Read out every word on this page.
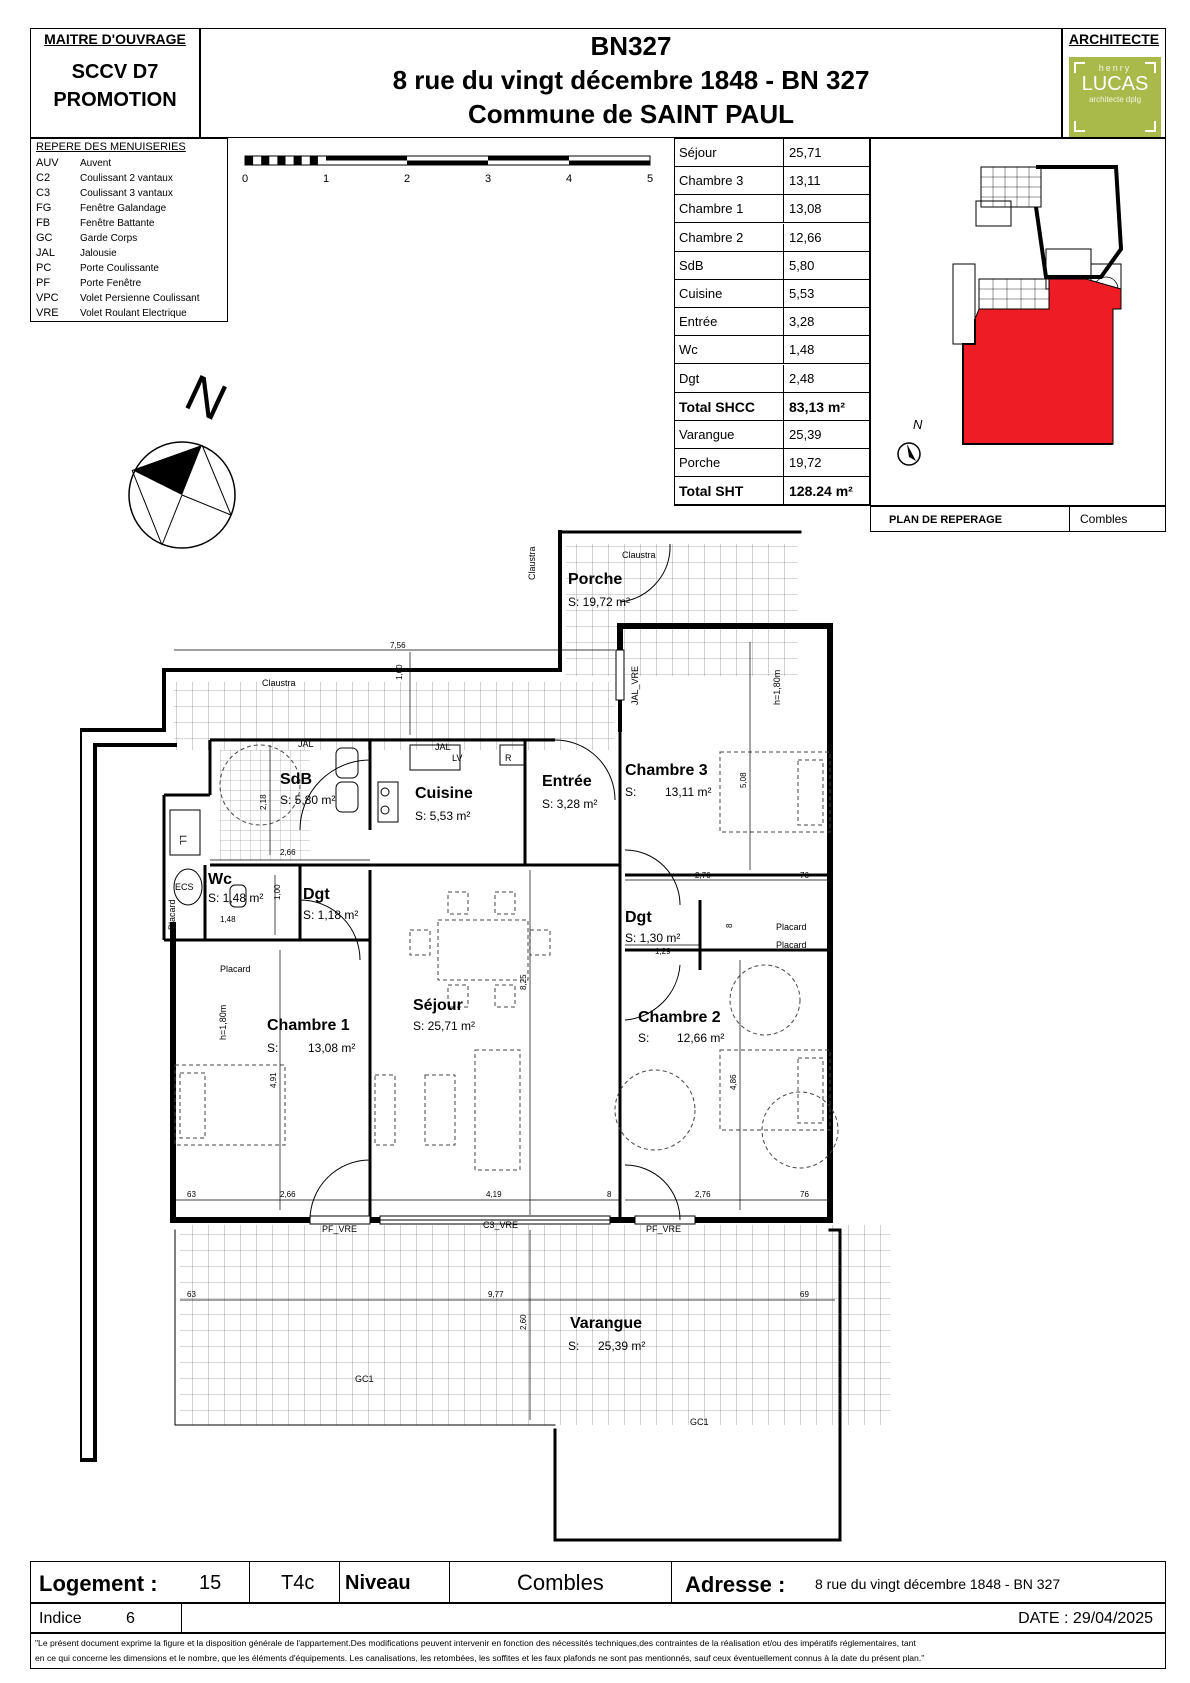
MAITRE D'OUVRAGE
SCCV D7
PROMOTION
BN327
8 rue du vingt décembre 1848 - BN 327
Commune de SAINT PAUL
ARCHITECTE
henry
LUCAS
architecte dplg
REPERE DES MENUISERIES
AUV Auvent
C2	Coulissant 2 vantaux
C3	Coulissant 3 vantaux
FG	Fenêtre Galandage
FB	Fenêtre Battante
GC	Garde Corps
JAL	Jalousie
PC	Porte Coulissante
PF	Porte Fenêtre
VPC Volet Persienne Coulissant
VRE Volet Roulant Electrique
0	1	2	3	4	5
N
Séjour	25,71
Chambre 3	13,11
Chambre 1	13,08
Chambre 2	12,66
SdB	5,80
Cuisine	5,53
Entrée	3,28
Wc	1,48
Dgt	2,48
Total SHCC 83,13 m²
Varangue	25,39
Porche	19,72
Total SHT	128.24 m²
N
PLAN DE REPERAGE	Combles
Porche
SdB
Cuisine
Entrée
Chambre 3
Wc
Dgt
Dgt
Séjour
Chambre 1	Chambre 2
Varangue
S: 19,72 m²
S: 5,80 m²
S: 5,53 m²
S: 3,28 m²
S: 13,11 m²
S: 1,48 m²
S: 1,18 m²
S: 1,30 m²
S: 25,71 m²
S: 13,08 m²
S: 12,66 m²
S: 25,39 m²
Claustra
Claustra
Claustra	JAL_VRE
JAL	JAL
LV	R
LL
ECS
Placard
Placard
Placard
Placard
h=1,80m
h=1,80m
PF_VRE	PF_VRE
C3_VRE
GC1
GC1
7,56
1,60
2,18
2,66
1,00
1,48
5,08
2,76	76
8
1,29
8,25
4,91	4,86
63	2,66	4,19	8	2,76	76
63	9,77	69
2,60
Logement : 15	T4c Niveau	Combles	Adresse : 8 rue du vingt décembre 1848 - BN 327
Indice	6	DATE : 29/04/2025
"Le présent document exprime la figure et la disposition générale de l'appartement.Des modifications peuvent intervenir en fonction des nécessités techniques,des contraintes de la réalisation et/ou des impératifs réglementaires, tant
en ce qui concerne les dimensions et le nombre, que les éléments d'équipements. Les canalisations, les retombées, les soffites et les faux plafonds ne sont pas mentionnés, sauf ceux éventuellement connus à la date du présent plan."
